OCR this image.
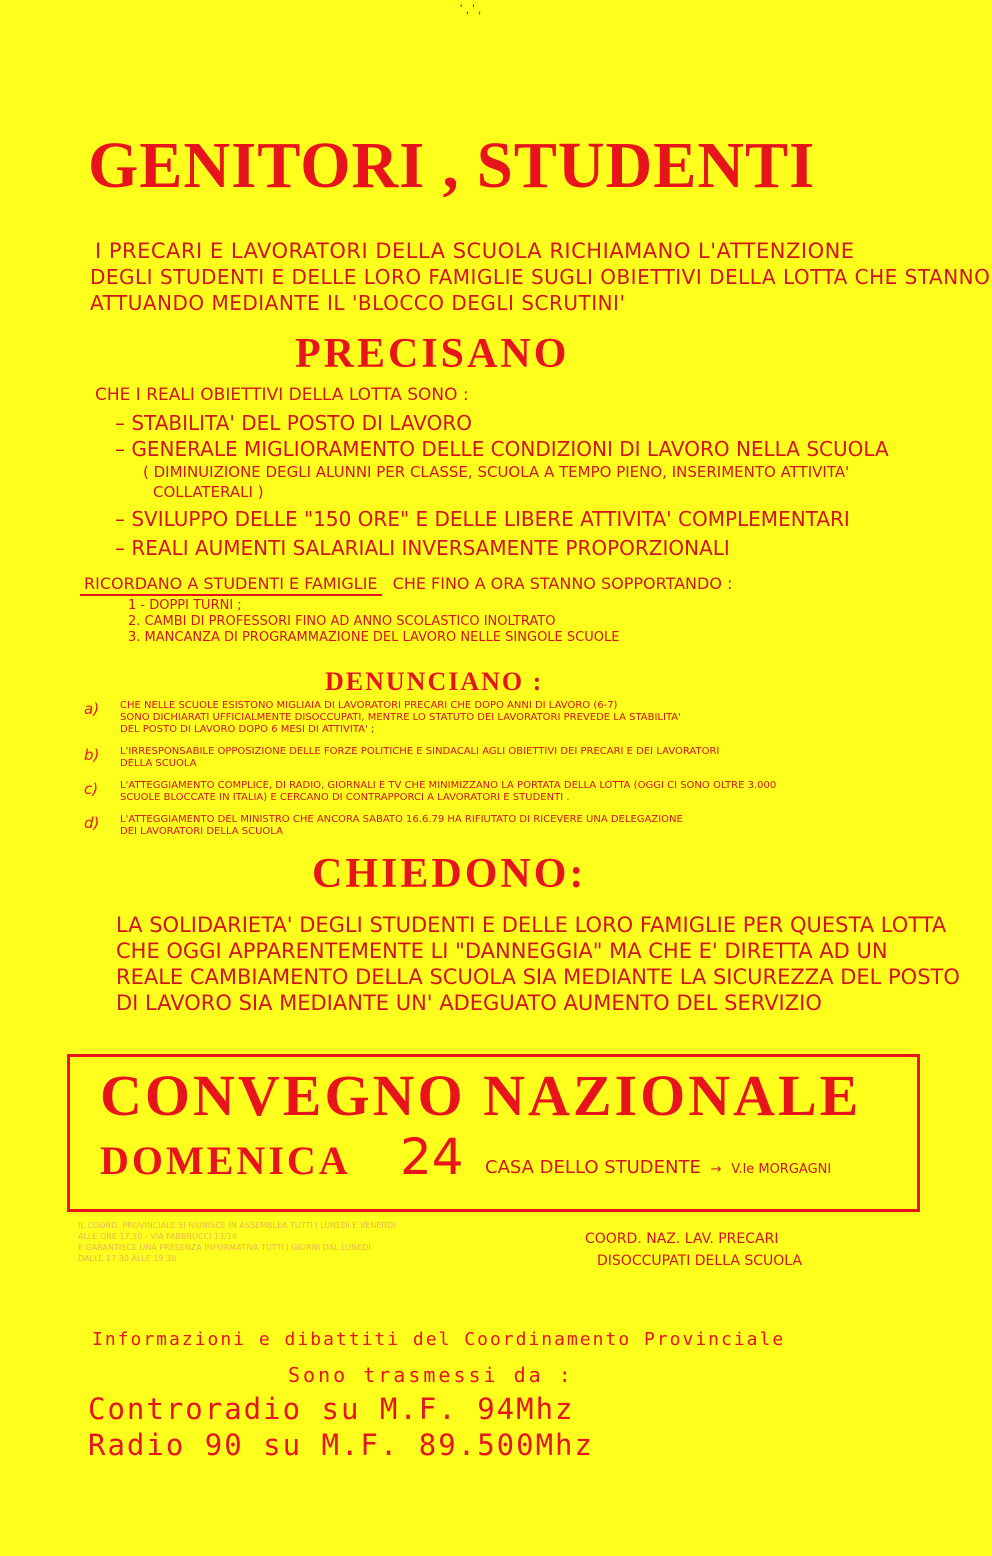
' , ' ,
GENITORI , STUDENTI
I PRECARI E LAVORATORI DELLA SCUOLA RICHIAMANO L'ATTENZIONE
DEGLI STUDENTI E DELLE LORO FAMIGLIE SUGLI OBIETTIVI DELLA LOTTA CHE STANNO
ATTUANDO MEDIANTE IL 'BLOCCO DEGLI SCRUTINI'
PRECISANO
CHE I REALI OBIETTIVI DELLA LOTTA SONO :
– STABILITA' DEL POSTO DI LAVORO
– GENERALE MIGLIORAMENTO DELLE CONDIZIONI DI LAVORO NELLA SCUOLA
( DIMINUIZIONE DEGLI ALUNNI PER CLASSE, SCUOLA A TEMPO PIENO, INSERIMENTO ATTIVITA'
COLLATERALI )
– SVILUPPO DELLE "150 ORE" E DELLE LIBERE ATTIVITA' COMPLEMENTARI
– REALI AUMENTI SALARIALI INVERSAMENTE PROPORZIONALI
RICORDANO A STUDENTI E FAMIGLIE CHE FINO A ORA STANNO SOPPORTANDO :
1 - DOPPI TURNI ;
2. CAMBI DI PROFESSORI FINO AD ANNO SCOLASTICO INOLTRATO
3. MANCANZA DI PROGRAMMAZIONE DEL LAVORO NELLE SINGOLE SCUOLE
DENUNCIANO :
a)	CHE NELLE SCUOLE ESISTONO MIGLIAIA DI LAVORATORI PRECARI CHE DOPO ANNI DI LAVORO (6-7)
SONO DICHIARATI UFFICIALMENTE DISOCCUPATI, MENTRE LO STATUTO DEI LAVORATORI PREVEDE LA STABILITA'
DEL POSTO DI LAVORO DOPO 6 MESI DI ATTIVITA' ;
b)	L'IRRESPONSABILE OPPOSIZIONE DELLE FORZE POLITICHE E SINDACALI AGLI OBIETTIVI DEI PRECARI E DEI LAVORATORI
DELLA SCUOLA
c)	L'ATTEGGIAMENTO COMPLICE, DI RADIO, GIORNALI E TV CHE MINIMIZZANO LA PORTATA DELLA LOTTA (OGGI CI SONO OLTRE 3.000
SCUOLE BLOCCATE IN ITALIA) E CERCANO DI CONTRAPPORCI A LAVORATORI E STUDENTI .
d)	L'ATTEGGIAMENTO DEL MINISTRO CHE ANCORA SABATO 16.6.79 HA RIFIUTATO DI RICEVERE UNA DELEGAZIONE
DEI LAVORATORI DELLA SCUOLA
CHIEDONO:
LA SOLIDARIETA' DEGLI STUDENTI E DELLE LORO FAMIGLIE PER QUESTA LOTTA
CHE OGGI APPARENTEMENTE LI "DANNEGGIA" MA CHE E' DIRETTA AD UN
REALE CAMBIAMENTO DELLA SCUOLA SIA MEDIANTE LA SICUREZZA DEL POSTO
DI LAVORO SIA MEDIANTE UN' ADEGUATO AUMENTO DEL SERVIZIO
CONVEGNO NAZIONALE
DOMENICA 24 CASA DELLO STUDENTE → V.le MORGAGNI
IL COORD. PROVINCIALE SI RIUNISCE IN ASSEMBLEA TUTTI I LUNEDI E VENERDI
ALLE ORE 17.30 - VIA FABBRUCCI 13/14
E GARANTISCE UNA PRESENZA INFORMATIVA TUTTI I GIORNI DAL LUNEDI
DALLE 17.30 ALLE 19.30
COORD. NAZ. LAV. PRECARI
DISOCCUPATI DELLA SCUOLA
Informazioni e dibattiti del Coordinamento Provinciale
Sono trasmessi da :
Controradio su M.F. 94Mhz
Radio 90 su M.F. 89.500Mhz
